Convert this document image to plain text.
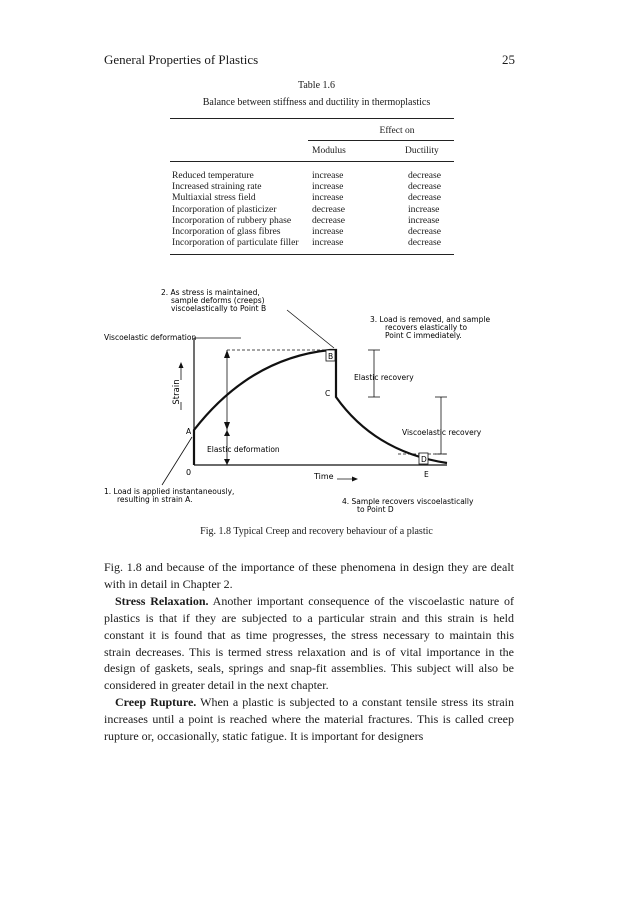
General Properties of Plastics	25
Table 1.6
Balance between stiffness and ductility in thermoplastics
Effect on
Modulus	Ductility
Reduced temperature	increase	decrease
Increased straining rate	increase	decrease
Multiaxial stress field	increase	decrease
Incorporation of plasticizer	decrease	increase
Incorporation of rubbery phase decrease	increase
Incorporation of glass fibres	increase	decrease
Incorporation of particulate filler increase	decrease
Strain
Time
0
A
B
C
D
E
Viscoelastic deformation
Elastic recovery
Viscoelastic recovery
Elastic deformation
2. As stress is maintained,
sample deforms (creeps)
viscoelastically to Point B
3. Load is removed, and sample
recovers elastically to
Point C immediately.
1. Load is applied instantaneously,
resulting in strain A.	4. Sample recovers viscoelastically
to Point D
Fig. 1.8 Typical Creep and recovery behaviour of a plastic

Fig. 1.8 and because of the importance of these phenomena in design they are dealt with in detail in Chapter 2.

Stress Relaxation. Another important consequence of the viscoelastic nature of plastics is that if they are subjected to a particular strain and this strain is held constant it is found that as time progresses, the stress necessary to maintain this strain decreases. This is termed stress relaxation and is of vital importance in the design of gaskets, seals, springs and snap-fit assemblies. This subject will also be considered in greater detail in the next chapter.

Creep Rupture. When a plastic is subjected to a constant tensile stress its strain increases until a point is reached where the material fractures. This is called creep rupture or, occasionally, static fatigue. It is important for designers
